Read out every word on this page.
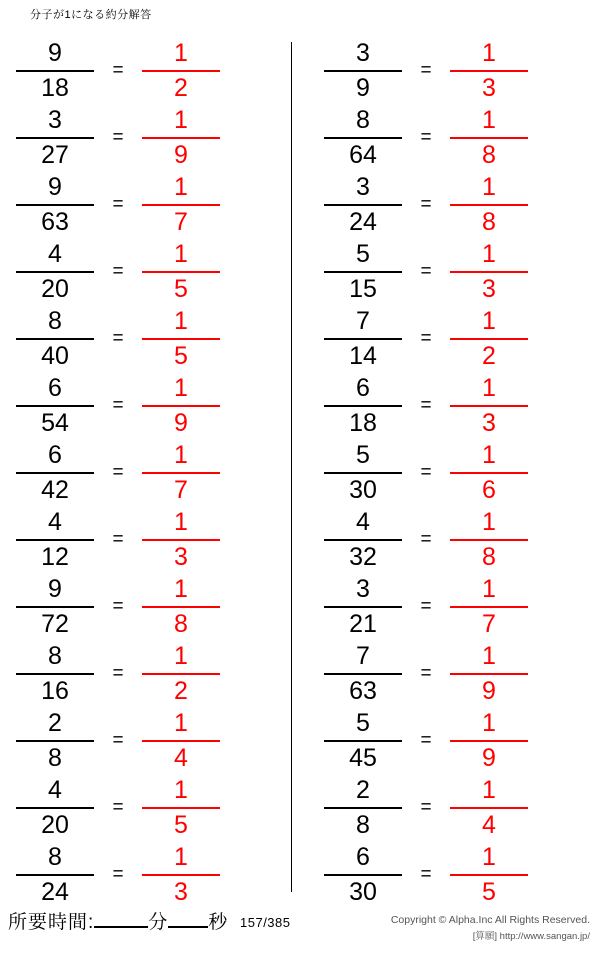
分子が1になる約分解答
$\frac{9}{18} = \frac{1}{2}$
$\frac{3}{27} = \frac{1}{9}$
$\frac{9}{63} = \frac{1}{7}$
$\frac{4}{20} = \frac{1}{5}$
$\frac{8}{40} = \frac{1}{5}$
$\frac{6}{54} = \frac{1}{9}$
$\frac{6}{42} = \frac{1}{7}$
$\frac{4}{12} = \frac{1}{3}$
$\frac{9}{72} = \frac{1}{8}$
$\frac{8}{16} = \frac{1}{2}$
$\frac{2}{8} = \frac{1}{4}$
$\frac{4}{20} = \frac{1}{5}$
$\frac{8}{24} = \frac{1}{3}$
$\frac{3}{9} = \frac{1}{3}$
$\frac{8}{64} = \frac{1}{8}$
$\frac{3}{24} = \frac{1}{8}$
$\frac{5}{15} = \frac{1}{3}$
$\frac{7}{14} = \frac{1}{2}$
$\frac{6}{18} = \frac{1}{3}$
$\frac{5}{30} = \frac{1}{6}$
$\frac{4}{32} = \frac{1}{8}$
$\frac{3}{21} = \frac{1}{7}$
$\frac{7}{63} = \frac{1}{9}$
$\frac{5}{45} = \frac{1}{9}$
$\frac{2}{8} = \frac{1}{4}$
$\frac{6}{30} = \frac{1}{5}$
所要時間:	分 秒 157/385	Copyright © Alpha.Inc All Rights Reserved.
[算願] http://www.sangan.jp/
